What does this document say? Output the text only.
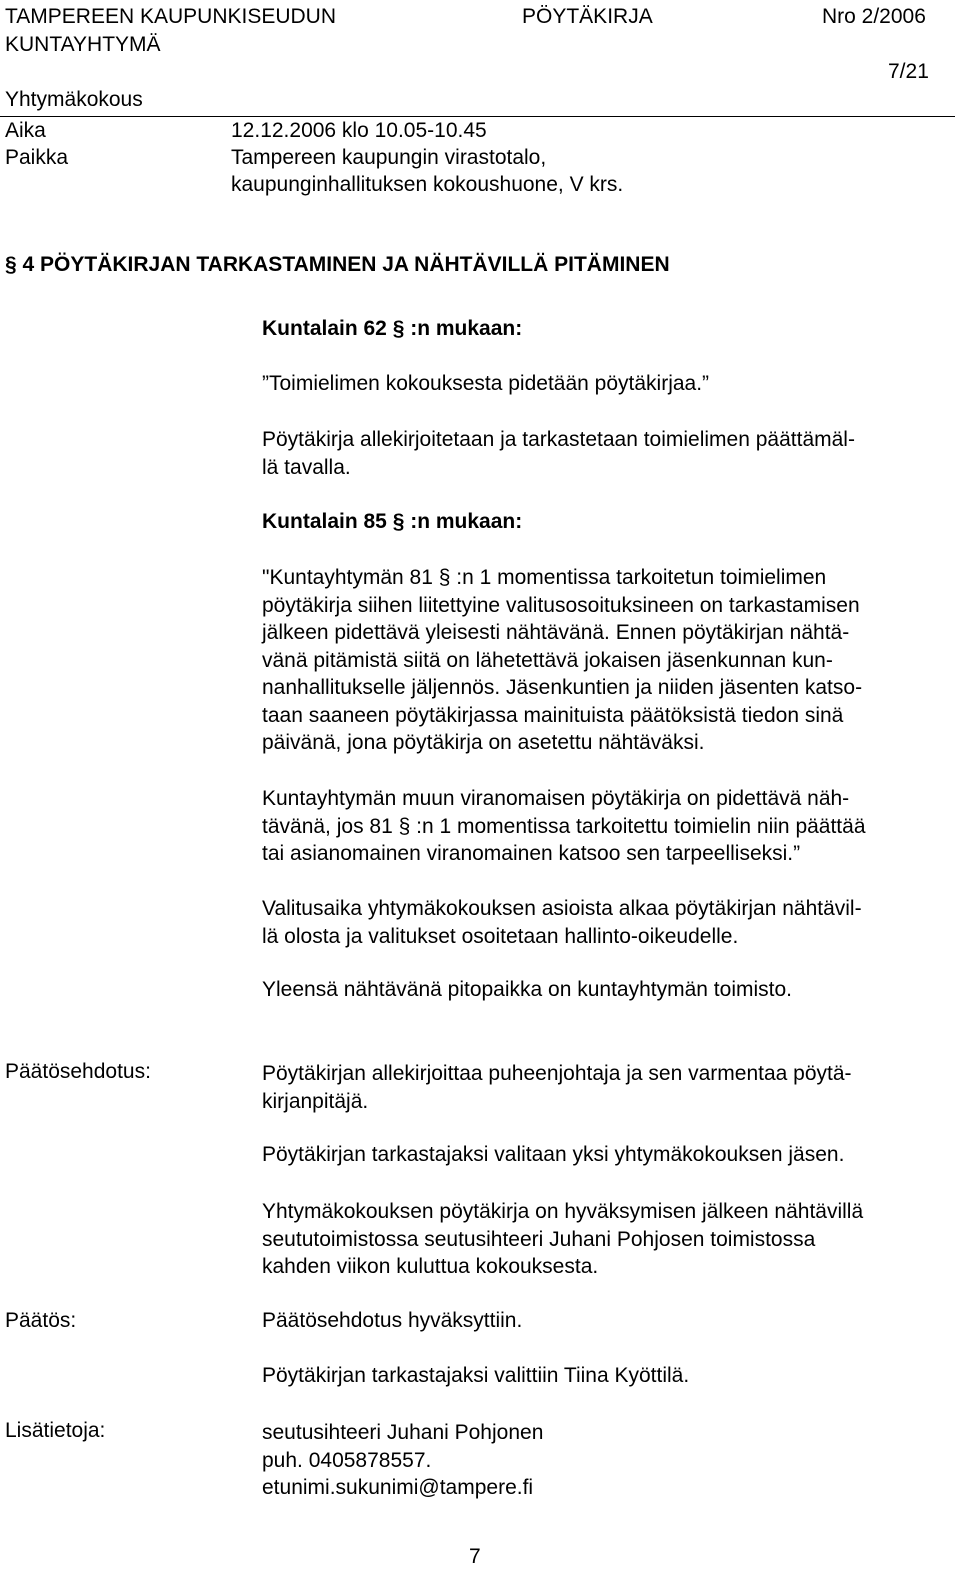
TAMPEREEN KAUPUNKISEUDUN
KUNTAYHTYMÄ
PÖYTÄKIRJA	Nro 2/2006
7/21
Yhtymäkokous
Aika	12.12.2006 klo 10.05-10.45
Paikka	Tampereen kaupungin virastotalo,
kaupunginhallituksen kokoushuone, V krs.
§ 4 PÖYTÄKIRJAN TARKASTAMINEN JA NÄHTÄVILLÄ PITÄMINEN
Kuntalain 62 § :n mukaan:
”Toimielimen kokouksesta pidetään pöytäkirjaa.”
Pöytäkirja allekirjoitetaan ja tarkastetaan toimielimen päättämäl-
lä tavalla.
Kuntalain 85 § :n mukaan:
"Kuntayhtymän 81 § :n 1 momentissa tarkoitetun toimielimen
pöytäkirja siihen liitettyine valitusosoituksineen on tarkastamisen
jälkeen pidettävä yleisesti nähtävänä. Ennen pöytäkirjan nähtä-
vänä pitämistä siitä on lähetettävä jokaisen jäsenkunnan kun-
nanhallitukselle jäljennös. Jäsenkuntien ja niiden jäsenten katso-
taan saaneen pöytäkirjassa mainituista päätöksistä tiedon sinä
päivänä, jona pöytäkirja on asetettu nähtäväksi.
Kuntayhtymän muun viranomaisen pöytäkirja on pidettävä näh-
tävänä, jos 81 § :n 1 momentissa tarkoitettu toimielin niin päättää
tai asianomainen viranomainen katsoo sen tarpeelliseksi.”
Valitusaika yhtymäkokouksen asioista alkaa pöytäkirjan nähtävil-
lä olosta ja valitukset osoitetaan hallinto-oikeudelle.
Yleensä nähtävänä pitopaikka on kuntayhtymän toimisto.
Päätösehdotus:	Pöytäkirjan allekirjoittaa puheenjohtaja ja sen varmentaa pöytä-
kirjanpitäjä.
Pöytäkirjan tarkastajaksi valitaan yksi yhtymäkokouksen jäsen.
Yhtymäkokouksen pöytäkirja on hyväksymisen jälkeen nähtävillä
seututoimistossa seutusihteeri Juhani Pohjosen toimistossa
kahden viikon kuluttua kokouksesta.
Päätös:	Päätösehdotus hyväksyttiin.
Pöytäkirjan tarkastajaksi valittiin Tiina Kyöttilä.
Lisätietoja:	seutusihteeri Juhani Pohjonen
puh. 0405878557.
etunimi.sukunimi@tampere.fi
7
